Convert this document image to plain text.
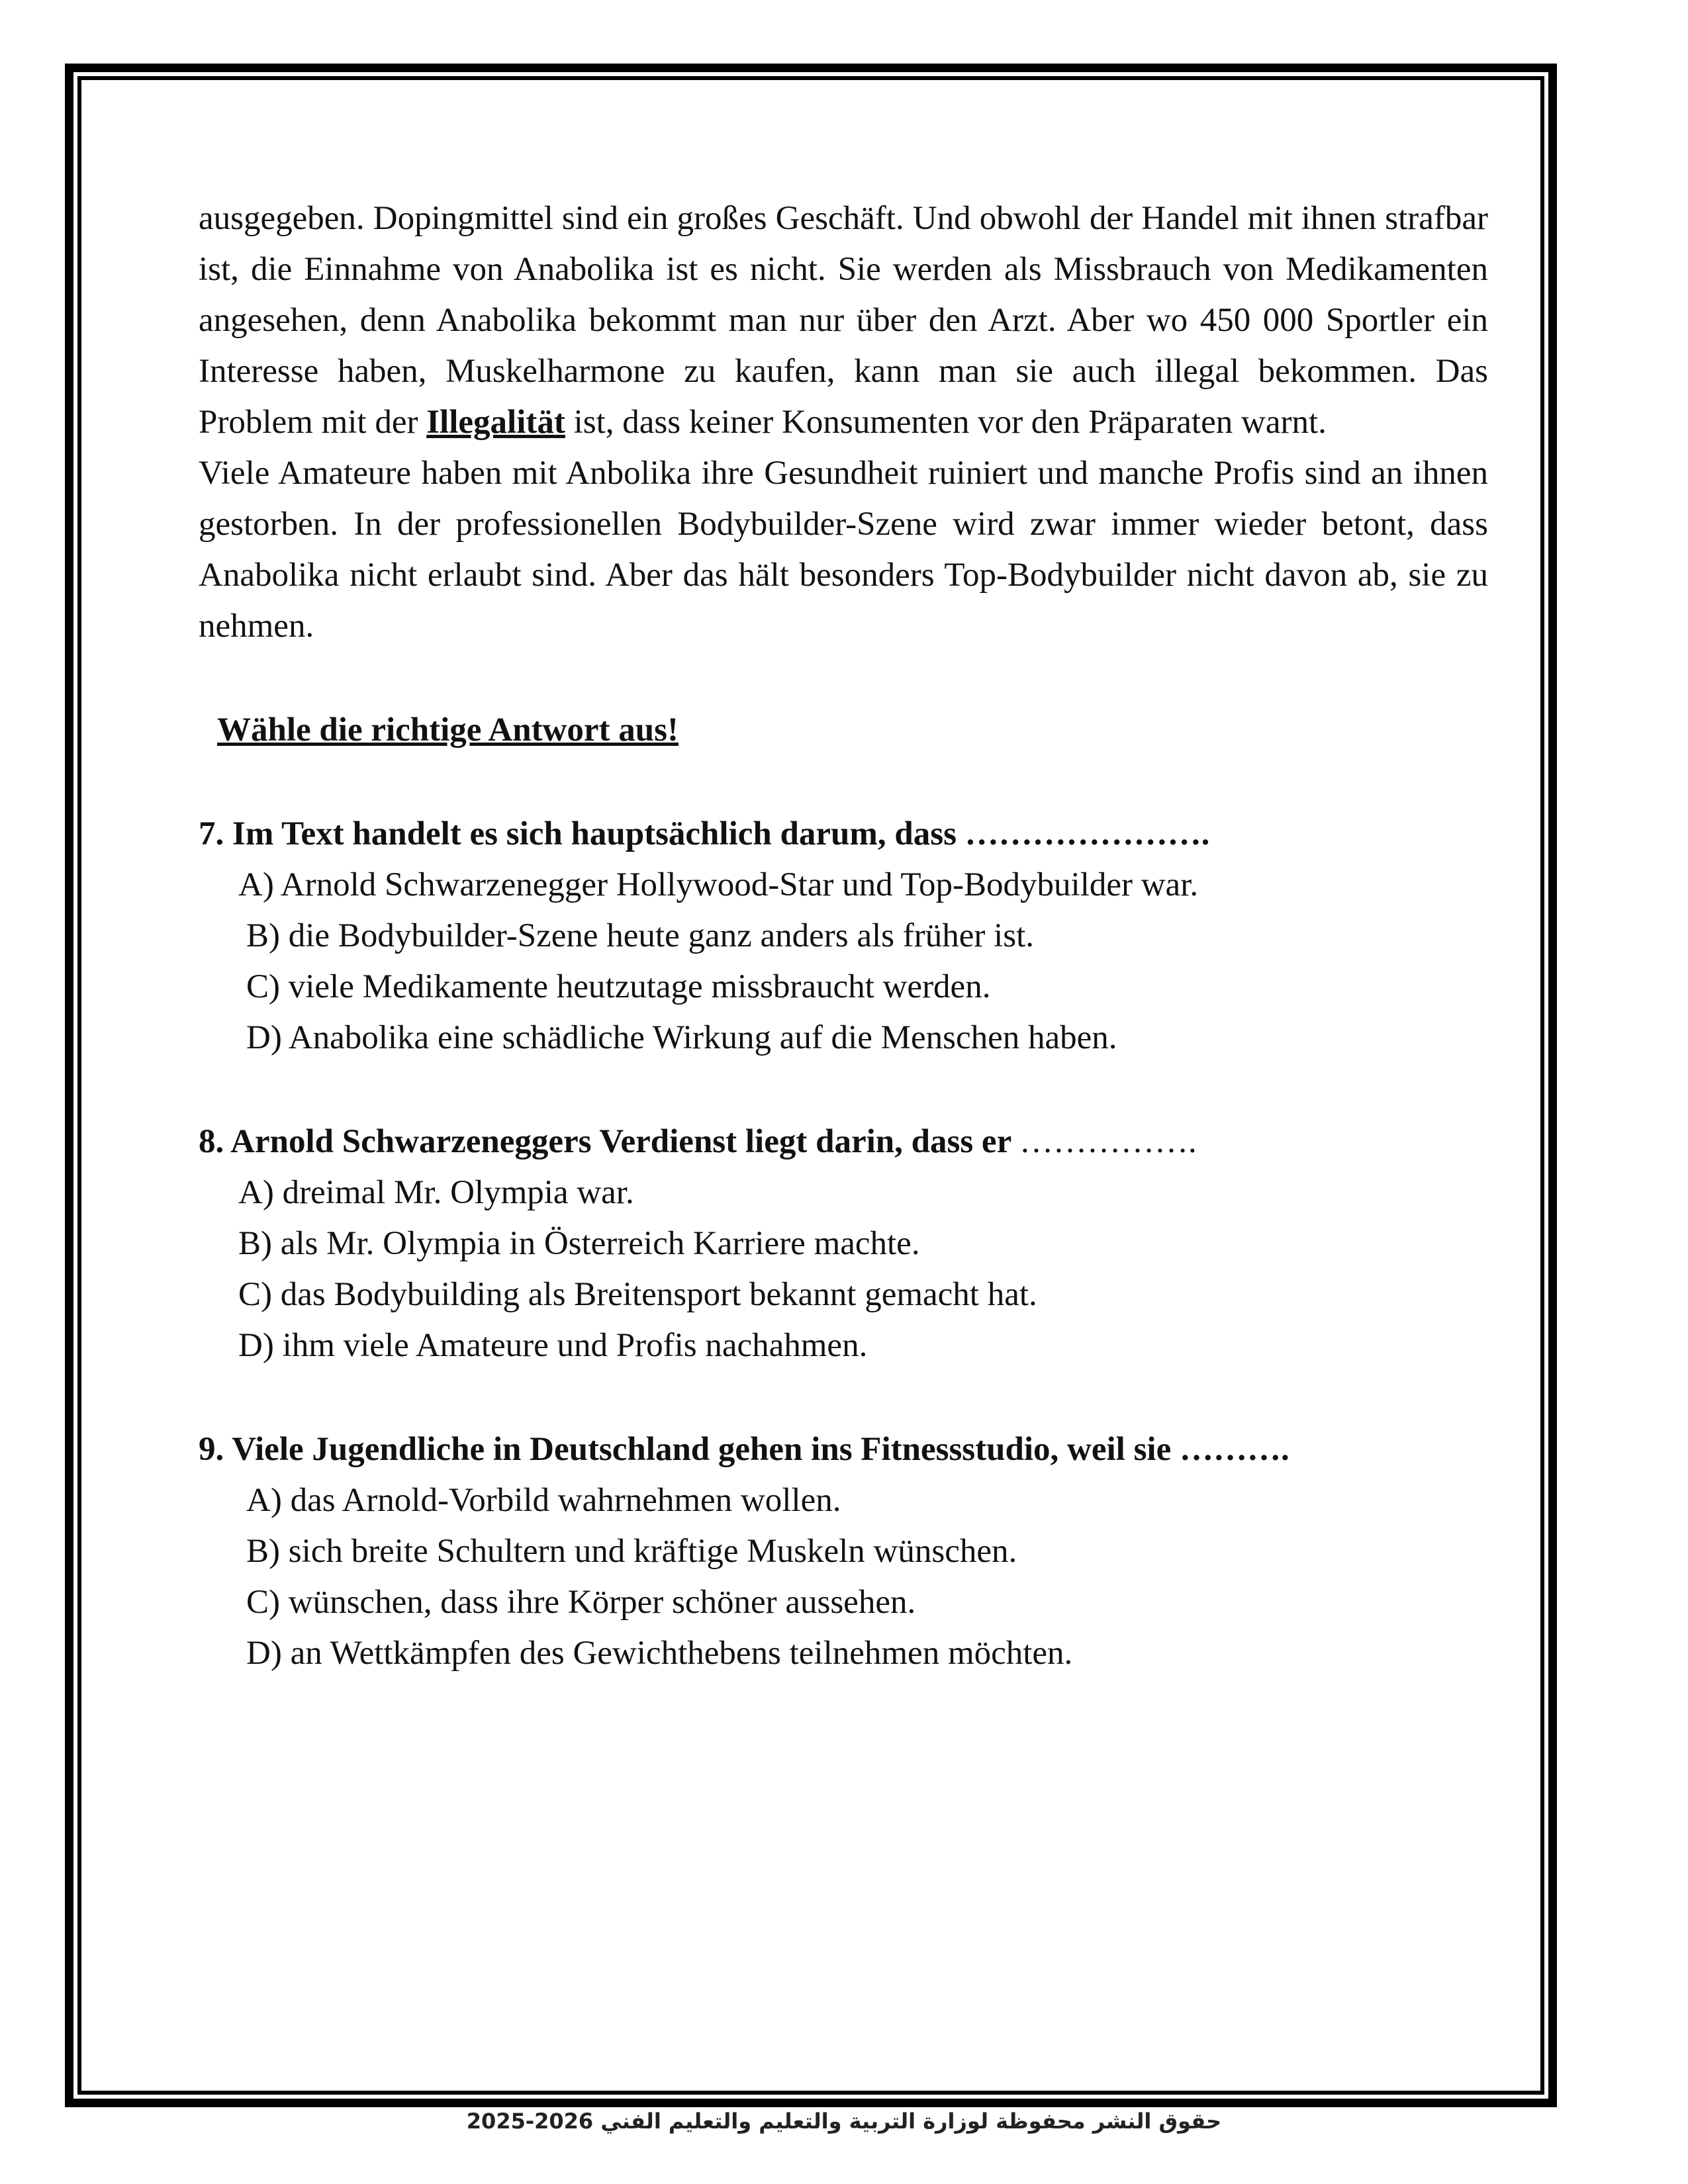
ausgegeben. Dopingmittel sind ein großes Geschäft. Und obwohl der Handel mit ihnen strafbar ist, die Einnahme von Anabolika ist es nicht. Sie werden als Missbrauch von Medikamenten angesehen, denn Anabolika bekommt man nur über den Arzt. Aber wo 450 000 Sportler ein Interesse haben, Muskelharmone zu kaufen, kann man sie auch illegal bekommen. Das Problem mit der Illegalität ist, dass keiner Konsumenten vor den Präparaten warnt.

Viele Amateure haben mit Anbolika ihre Gesundheit ruiniert und manche Profis sind an ihnen gestorben. In der professionellen Bodybuilder-Szene wird zwar immer wieder betont, dass Anabolika nicht erlaubt sind. Aber das hält besonders Top-Bodybuilder nicht davon ab, sie zu nehmen.

Wähle die richtige Antwort aus!
7. Im Text handelt es sich hauptsächlich darum, dass ………………….
A) Arnold Schwarzenegger Hollywood-Star und Top-Bodybuilder war.
B) die Bodybuilder-Szene heute ganz anders als früher ist.
C) viele Medikamente heutzutage missbraucht werden.
D) Anabolika eine schädliche Wirkung auf die Menschen haben.
8. Arnold Schwarzeneggers Verdienst liegt darin, dass er …………….
A) dreimal Mr. Olympia war.
B) als Mr. Olympia in Österreich Karriere machte.
C) das Bodybuilding als Breitensport bekannt gemacht hat.
D) ihm viele Amateure und Profis nachahmen.
9. Viele Jugendliche in Deutschland gehen ins Fitnessstudio, weil sie ……….
A) das Arnold-Vorbild wahrnehmen wollen.
B) sich breite Schultern und kräftige Muskeln wünschen.
C) wünschen, dass ihre Körper schöner aussehen.
D) an Wettkämpfen des Gewichthebens teilnehmen möchten.
حقوق النشر محفوظة لوزارة التربية والتعليم والتعليم الفني 2026-2025
